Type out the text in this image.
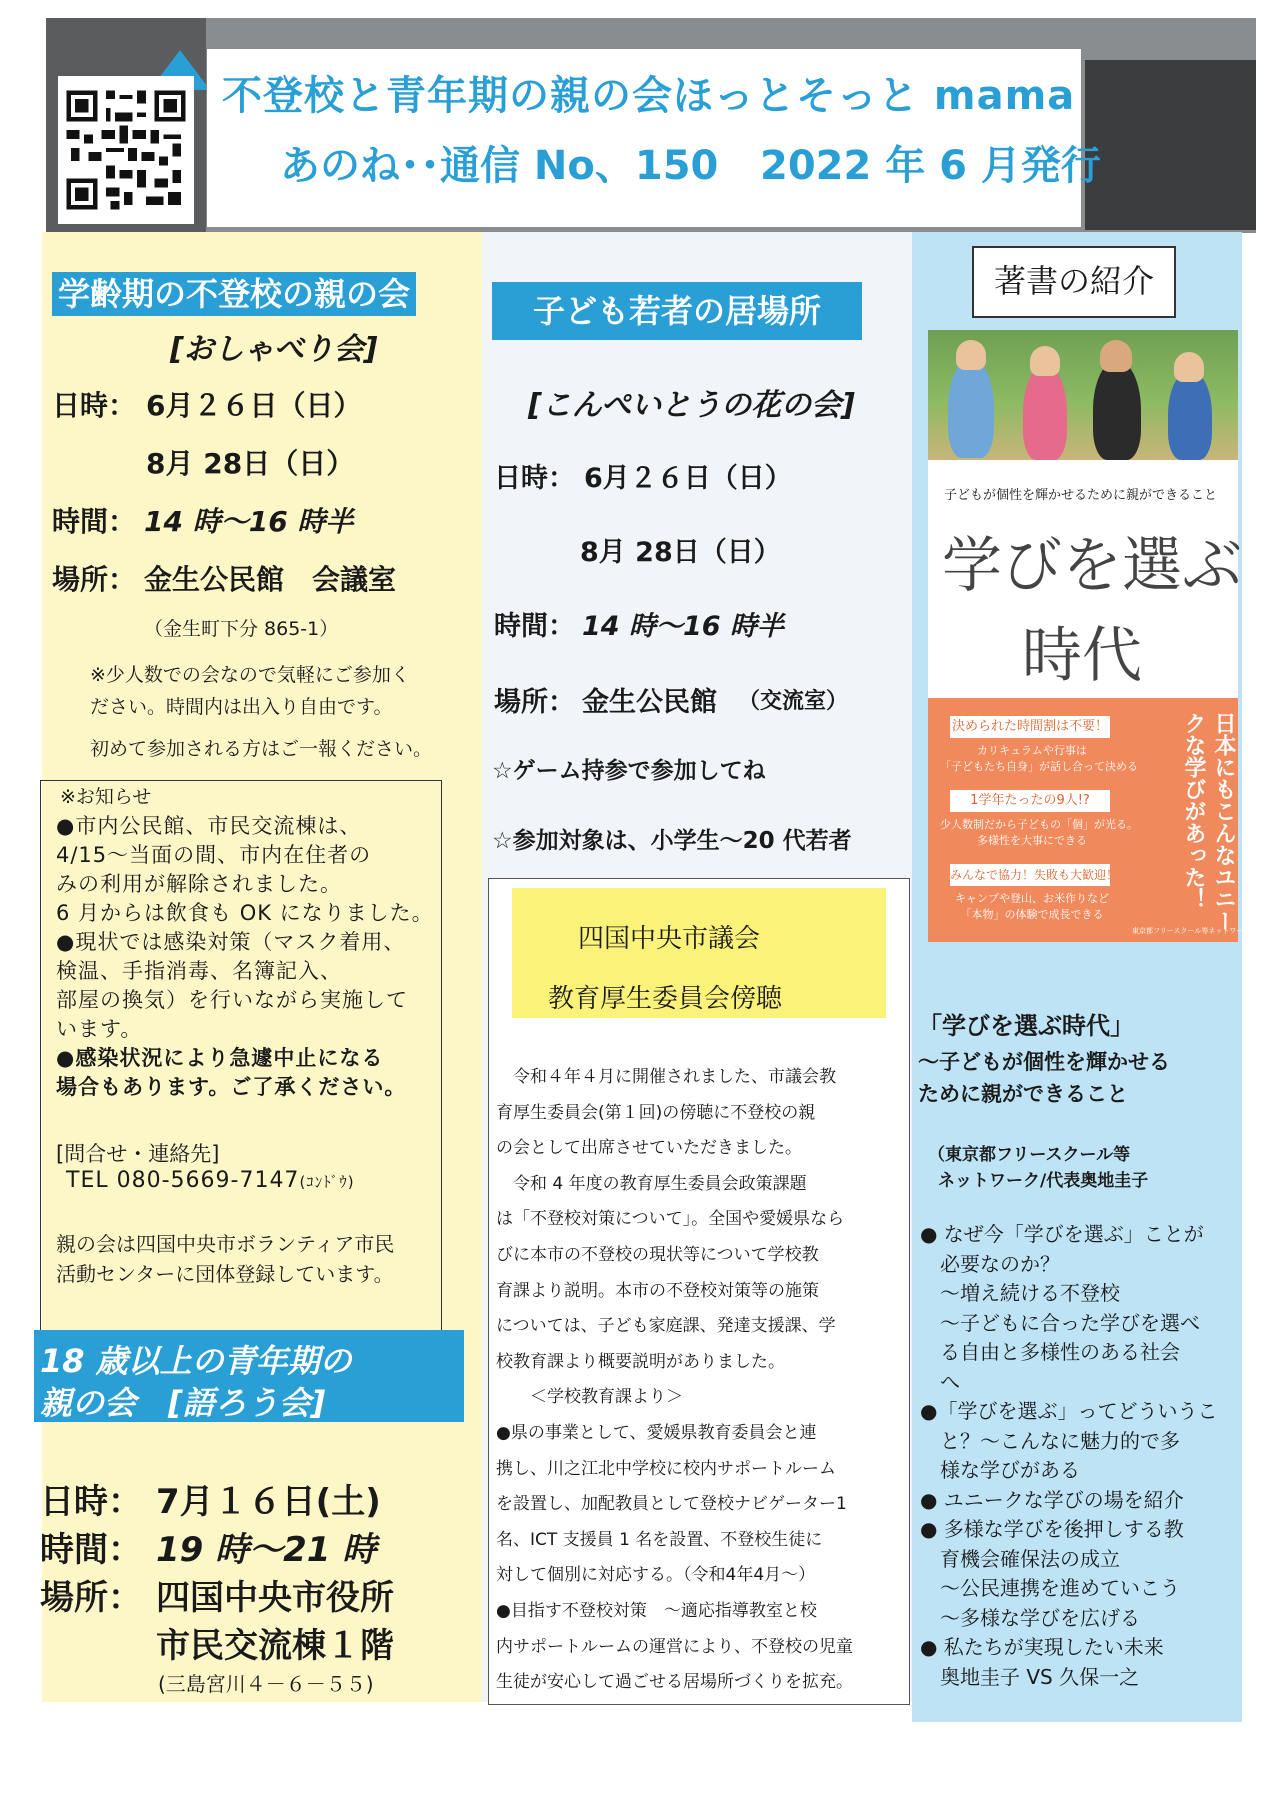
不登校と青年期の親の会ほっとそっと mama
あのね･･通信 No、150 2022 年 6 月発行
学齢期の不登校の親の会
[おしゃべり会]
日時： 6月２６日（日）
8月 28日（日）
時間： 14 時～16 時半
場所： 金生公民館　会議室
（金生町下分 865-1）
※少人数での会なので気軽にご参加く
ださい。時間内は出入り自由です。
初めて参加される方はご一報ください。
※お知らせ
●市内公民館、市民交流棟は、
4/15～当面の間、市内在住者の
みの利用が解除されました。
6 月からは飲食も OK になりました。
●現状では感染対策（マスク着用、
検温、手指消毒、名簿記入、
部屋の換気）を行いながら実施して
います。
●感染状況により急遽中止になる
場合もあります。ご了承ください。
[問合せ・連絡先]
TEL 080-5669-7147(ｺﾝﾄﾞｳ)
親の会は四国中央市ボランティア市民
活動センターに団体登録しています。
18 歳以上の青年期の
親の会　[語ろう会]
日時： 7月１６日(土)
時間： 19 時～21 時
場所： 四国中央市役所
市民交流棟１階
(三島宮川４－６－５５)
子ども若者の居場所
[こんぺいとうの花の会]
日時： 6月２６日（日）
8月 28日（日）
時間： 14 時～16 時半
場所： 金生公民館 （交流室）
☆ゲーム持参で参加してね
☆参加対象は、小学生～20 代若者
四国中央市議会
教育厚生委員会傍聴
　令和４年４月に開催されました、市議会教
育厚生委員会(第１回)の傍聴に不登校の親
の会として出席させていただきました。
　令和 4 年度の教育厚生委員会政策課題
は「不登校対策について」。全国や愛媛県なら
びに本市の不登校の現状等について学校教
育課より説明。本市の不登校対策等の施策
については、子ども家庭課、発達支援課、学
校教育課より概要説明がありました。
　　＜学校教育課より＞
●県の事業として、愛媛県教育委員会と連
携し、川之江北中学校に校内サポートルーム
を設置し、加配教員として登校ナビゲーター1
名、ICT 支援員 1 名を設置、不登校生徒に
対して個別に対応する。（令和4年4月～）
●目指す不登校対策　～適応指導教室と校
内サポートルームの運営により、不登校の児童
生徒が安心して過ごせる居場所づくりを拡充。
著書の紹介
子どもが個性を輝かせるために親ができること
学びを選ぶ
時代
日本にもこんなユニークな学びがあった！
決められた時間割は不要！
カリキュラムや行事は
「子どもたち自身」が話し合って決める
1学年たったの9人!?
少人数制だから子どもの「個」が光る。
多様性を大事にできる
みんなで協力！失敗も大歓迎！
キャンプや登山、お米作りなど
「本物」の体験で成長できる
東京都フリースクール等ネットワーク編
「学びを選ぶ時代」
～子どもが個性を輝かせる
ために親ができること
（東京都フリースクール等
ネットワーク/代表奥地圭子
● なぜ今「学びを選ぶ」ことが
　必要なのか？
　～増え続ける不登校
　～子どもに合った学びを選べ
　る自由と多様性のある社会
　へ
●「学びを選ぶ」ってどういうこ
　と？～こんなに魅力的で多
　様な学びがある
● ユニークな学びの場を紹介
● 多様な学びを後押しする教
　育機会確保法の成立
　～公民連携を進めていこう
　～多様な学びを広げる
● 私たちが実現したい未来
　奥地圭子 VS 久保一之
